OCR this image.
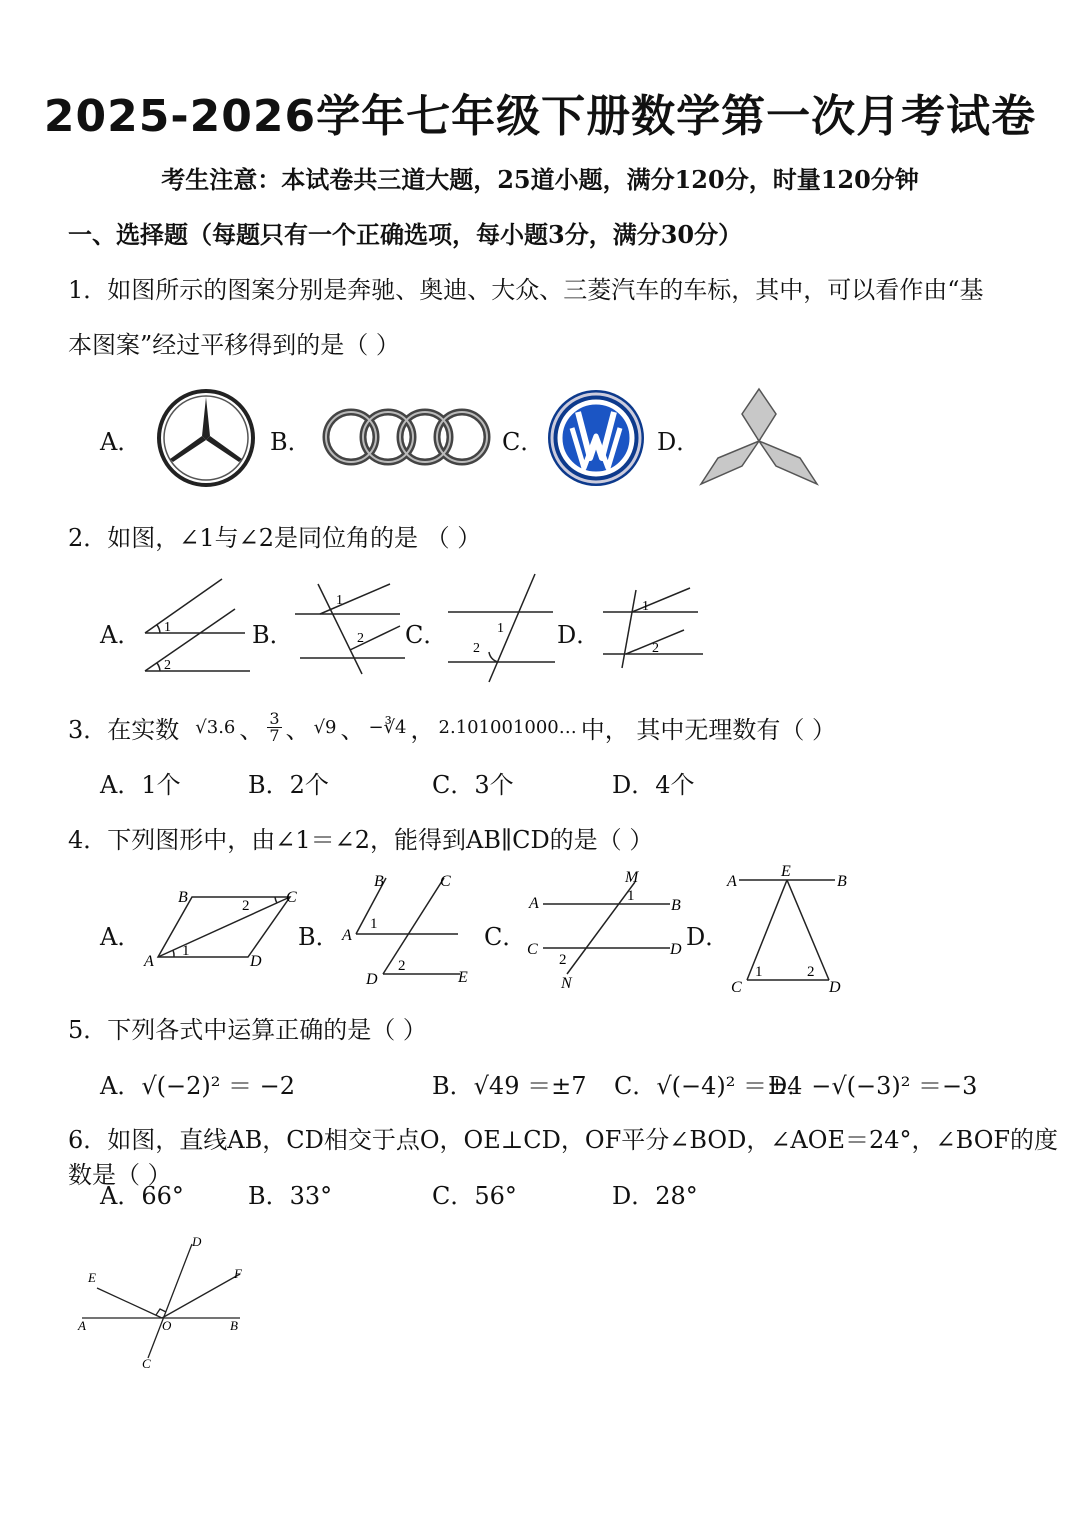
2025-2026学年七年级下册数学第一次月考试卷
考生注意：本试卷共三道大题，25道小题，满分120分，时量120分钟
一、选择题（每题只有一个正确选项，每小题3分，满分30分）
1．如图所示的图案分别是奔驰、奥迪、大众、三菱汽车的车标，其中，可以看作由“基
本图案”经过平移得到的是（ ）
A．	B．	C．	D．
2．如图，∠1与∠2是同位角的是 （ ）
A． 1
2
B．
1
2 C．	1
2	D．
1
2
3．在实数 √3.6 、 $\frac{3}{7}$ 、 √9 、 −∛4 ， 2.101001000… 中， 其中无理数有（ ）
A．1个	B．2个	C．3个	D．4个
4．下列图形中，由∠1＝∠2，能得到AB∥CD的是（ ）
A．
A
B	C
D
1
2
B． A
B	C
D	E
1
2
C．
A	B
C	D
M
N
1
2
D．
A	B
C	D
E
1	2
5．下列各式中运算正确的是（ ）
A．√(−2)² ＝ −2	B．√49 ＝±7 C．√(−4)² ＝±4
D．−√(−3)² ＝−3
6．如图，直线AB，CD相交于点O，OE⊥CD，OF平分∠BOD，∠AOE＝24°，∠BOF的度数是（ ）
A．66°	B．33°	C．56°	D．28°
A	B
C
D
E	F
O
